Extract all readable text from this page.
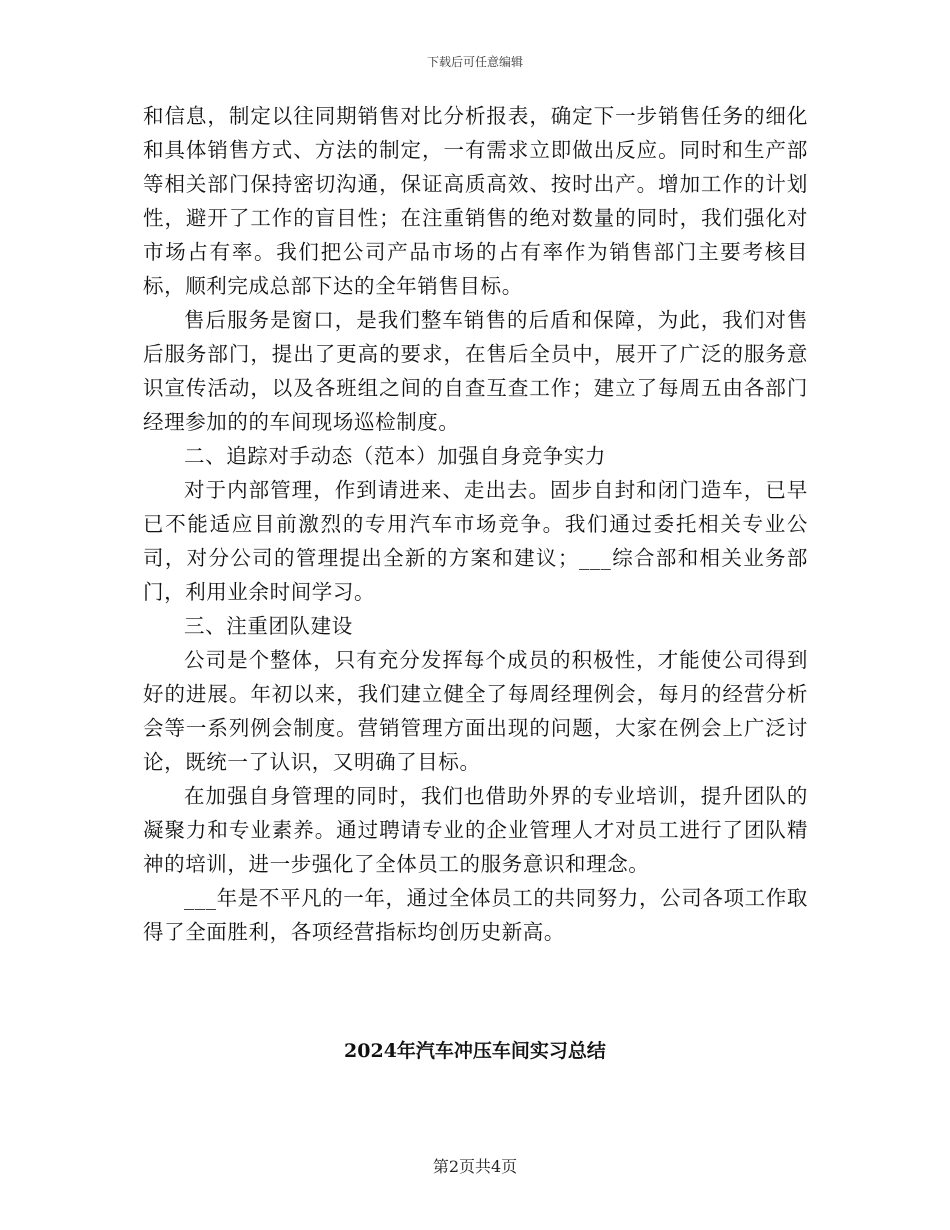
下载后可任意编辑

和信息，制定以往同期销售对比分析报表，确定下一步销售任务的细化和具体销售方式、方法的制定，一有需求立即做出反应。同时和生产部等相关部门保持密切沟通，保证高质高效、按时出产。增加工作的计划性，避开了工作的盲目性；在注重销售的绝对数量的同时，我们强化对市场占有率。我们把公司产品市场的占有率作为销售部门主要考核目标，顺利完成总部下达的全年销售目标。

售后服务是窗口，是我们整车销售的后盾和保障，为此，我们对售后服务部门，提出了更高的要求，在售后全员中，展开了广泛的服务意识宣传活动，以及各班组之间的自查互查工作；建立了每周五由各部门经理参加的的车间现场巡检制度。

二、追踪对手动态（范本）加强自身竞争实力

对于内部管理，作到请进来、走出去。固步自封和闭门造车，已早已不能适应目前激烈的专用汽车市场竞争。我们通过委托相关专业公司，对分公司的管理提出全新的方案和建议；___综合部和相关业务部门，利用业余时间学习。

三、注重团队建设

公司是个整体，只有充分发挥每个成员的积极性，才能使公司得到好的进展。年初以来，我们建立健全了每周经理例会，每月的经营分析会等一系列例会制度。营销管理方面出现的问题，大家在例会上广泛讨论，既统一了认识，又明确了目标。

在加强自身管理的同时，我们也借助外界的专业培训，提升团队的凝聚力和专业素养。通过聘请专业的企业管理人才对员工进行了团队精神的培训，进一步强化了全体员工的服务意识和理念。

___年是不平凡的一年，通过全体员工的共同努力，公司各项工作取得了全面胜利，各项经营指标均创历史新高。

2024年汽车冲压车间实习总结
第2页共4页
